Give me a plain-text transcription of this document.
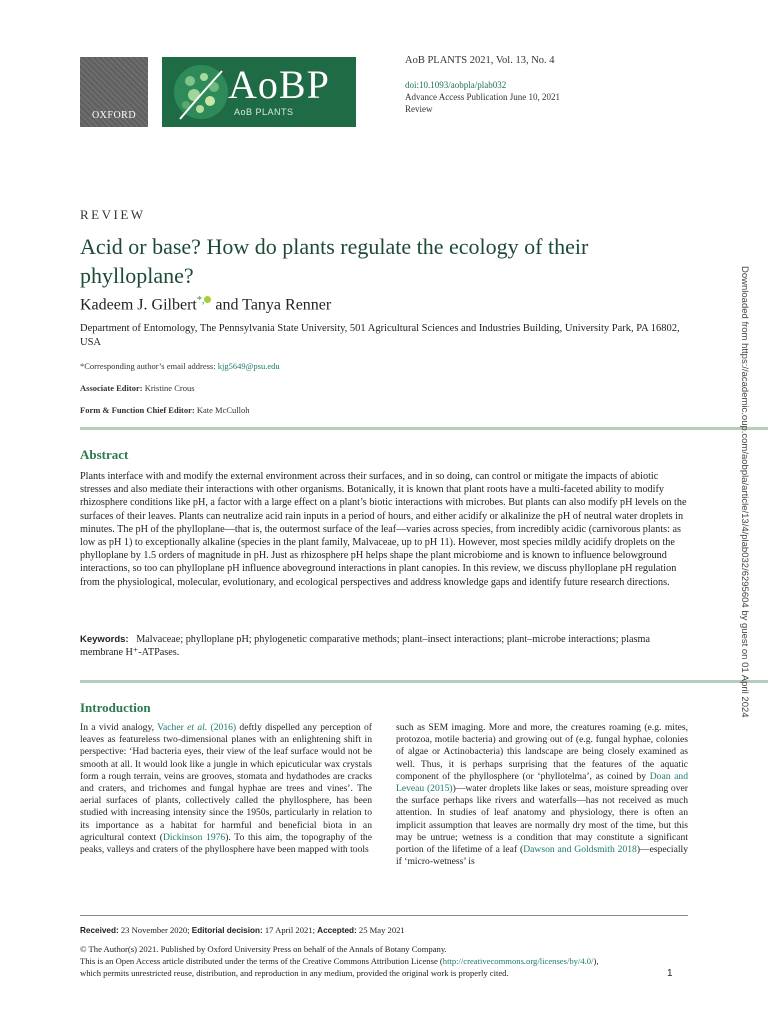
OXFORD
AoBP
AoB PLANTS
AoB PLANTS 2021, Vol. 13, No. 4
doi:10.1093/aobpla/plab032
Advance Access Publication June 10, 2021
Review
REVIEW
Acid or base? How do plants regulate the ecology of their phylloplane?
Kadeem J. Gilbert*, and Tanya Renner
Department of Entomology, The Pennsylvania State University, 501 Agricultural Sciences and Industries Building, University Park, PA 16802, USA
*Corresponding author’s email address: kjg5649@psu.edu
Associate Editor: Kristine Crous
Form & Function Chief Editor: Kate McCulloh
Abstract
Plants interface with and modify the external environment across their surfaces, and in so doing, can control or mitigate the impacts of abiotic stresses and also mediate their interactions with other organisms. Botanically, it is known that plant roots have a multi-faceted ability to modify rhizosphere conditions like pH, a factor with a large effect on a plant’s biotic interactions with microbes. But plants can also modify pH levels on the surfaces of their leaves. Plants can neutralize acid rain inputs in a period of hours, and either acidify or alkalinize the pH of neutral water droplets in minutes. The pH of the phylloplane—that is, the outermost surface of the leaf—varies across species, from incredibly acidic (carnivorous plants: as low as pH 1) to exceptionally alkaline (species in the plant family, Malvaceae, up to pH 11). However, most species mildly acidify droplets on the phylloplane by 1.5 orders of magnitude in pH. Just as rhizosphere pH helps shape the plant microbiome and is known to influence belowground interactions, so too can phylloplane pH influence aboveground interactions in plant canopies. In this review, we discuss phylloplane pH regulation from the physiological, molecular, evolutionary, and ecological perspectives and address knowledge gaps and identify future research directions.
Keywords:   Malvaceae; phylloplane pH; phylogenetic comparative methods; plant–insect interactions; plant–microbe interactions; plasma membrane H⁺-ATPases.
Introduction
In a vivid analogy, Vacher et al. (2016) deftly dispelled any perception of leaves as featureless two-dimensional planes with an enlightening shift in perspective: ‘Had bacteria eyes, their view of the leaf surface would not be smooth at all. It would look like a jungle in which epicuticular wax crystals form a rough terrain, veins are grooves, stomata and hydathodes are cracks and craters, and trichomes and fungal hyphae are trees and vines’. The aerial surfaces of plants, collectively called the phyllosphere, has been studied with increasing intensity since the 1950s, particularly in relation to its importance as a habitat for harmful and beneficial biota in an agricultural context (Dickinson 1976). To this aim, the topography of the peaks, valleys and craters of the phyllosphere have been mapped with tools
such as SEM imaging. More and more, the creatures roaming (e.g. mites, protozoa, motile bacteria) and growing out of (e.g. fungal hyphae, colonies of algae or Actinobacteria) this landscape are being closely examined as well. Thus, it is perhaps surprising that the features of the aquatic component of the phyllosphere (or ‘phyllotelma’, as coined by Doan and Leveau (2015))—water droplets like lakes or seas, moisture spreading over the surface perhaps like rivers and waterfalls—has not received as much attention. In studies of leaf anatomy and physiology, there is often an implicit assumption that leaves are normally dry most of the time, but this may be untrue; wetness is a condition that may constitute a significant portion of the lifetime of a leaf (Dawson and Goldsmith 2018)—especially if ‘micro-wetness’ is
Received: 23 November 2020; Editorial decision: 17 April 2021; Accepted: 25 May 2021
© The Author(s) 2021. Published by Oxford University Press on behalf of the Annals of Botany Company.
This is an Open Access article distributed under the terms of the Creative Commons Attribution License (http://creativecommons.org/licenses/by/4.0/), which permits unrestricted reuse, distribution, and reproduction in any medium, provided the original work is properly cited.	1
Downloaded from https://academic.oup.com/aobpla/article/13/4/plab032/6295604 by guest on 01 April 2024
